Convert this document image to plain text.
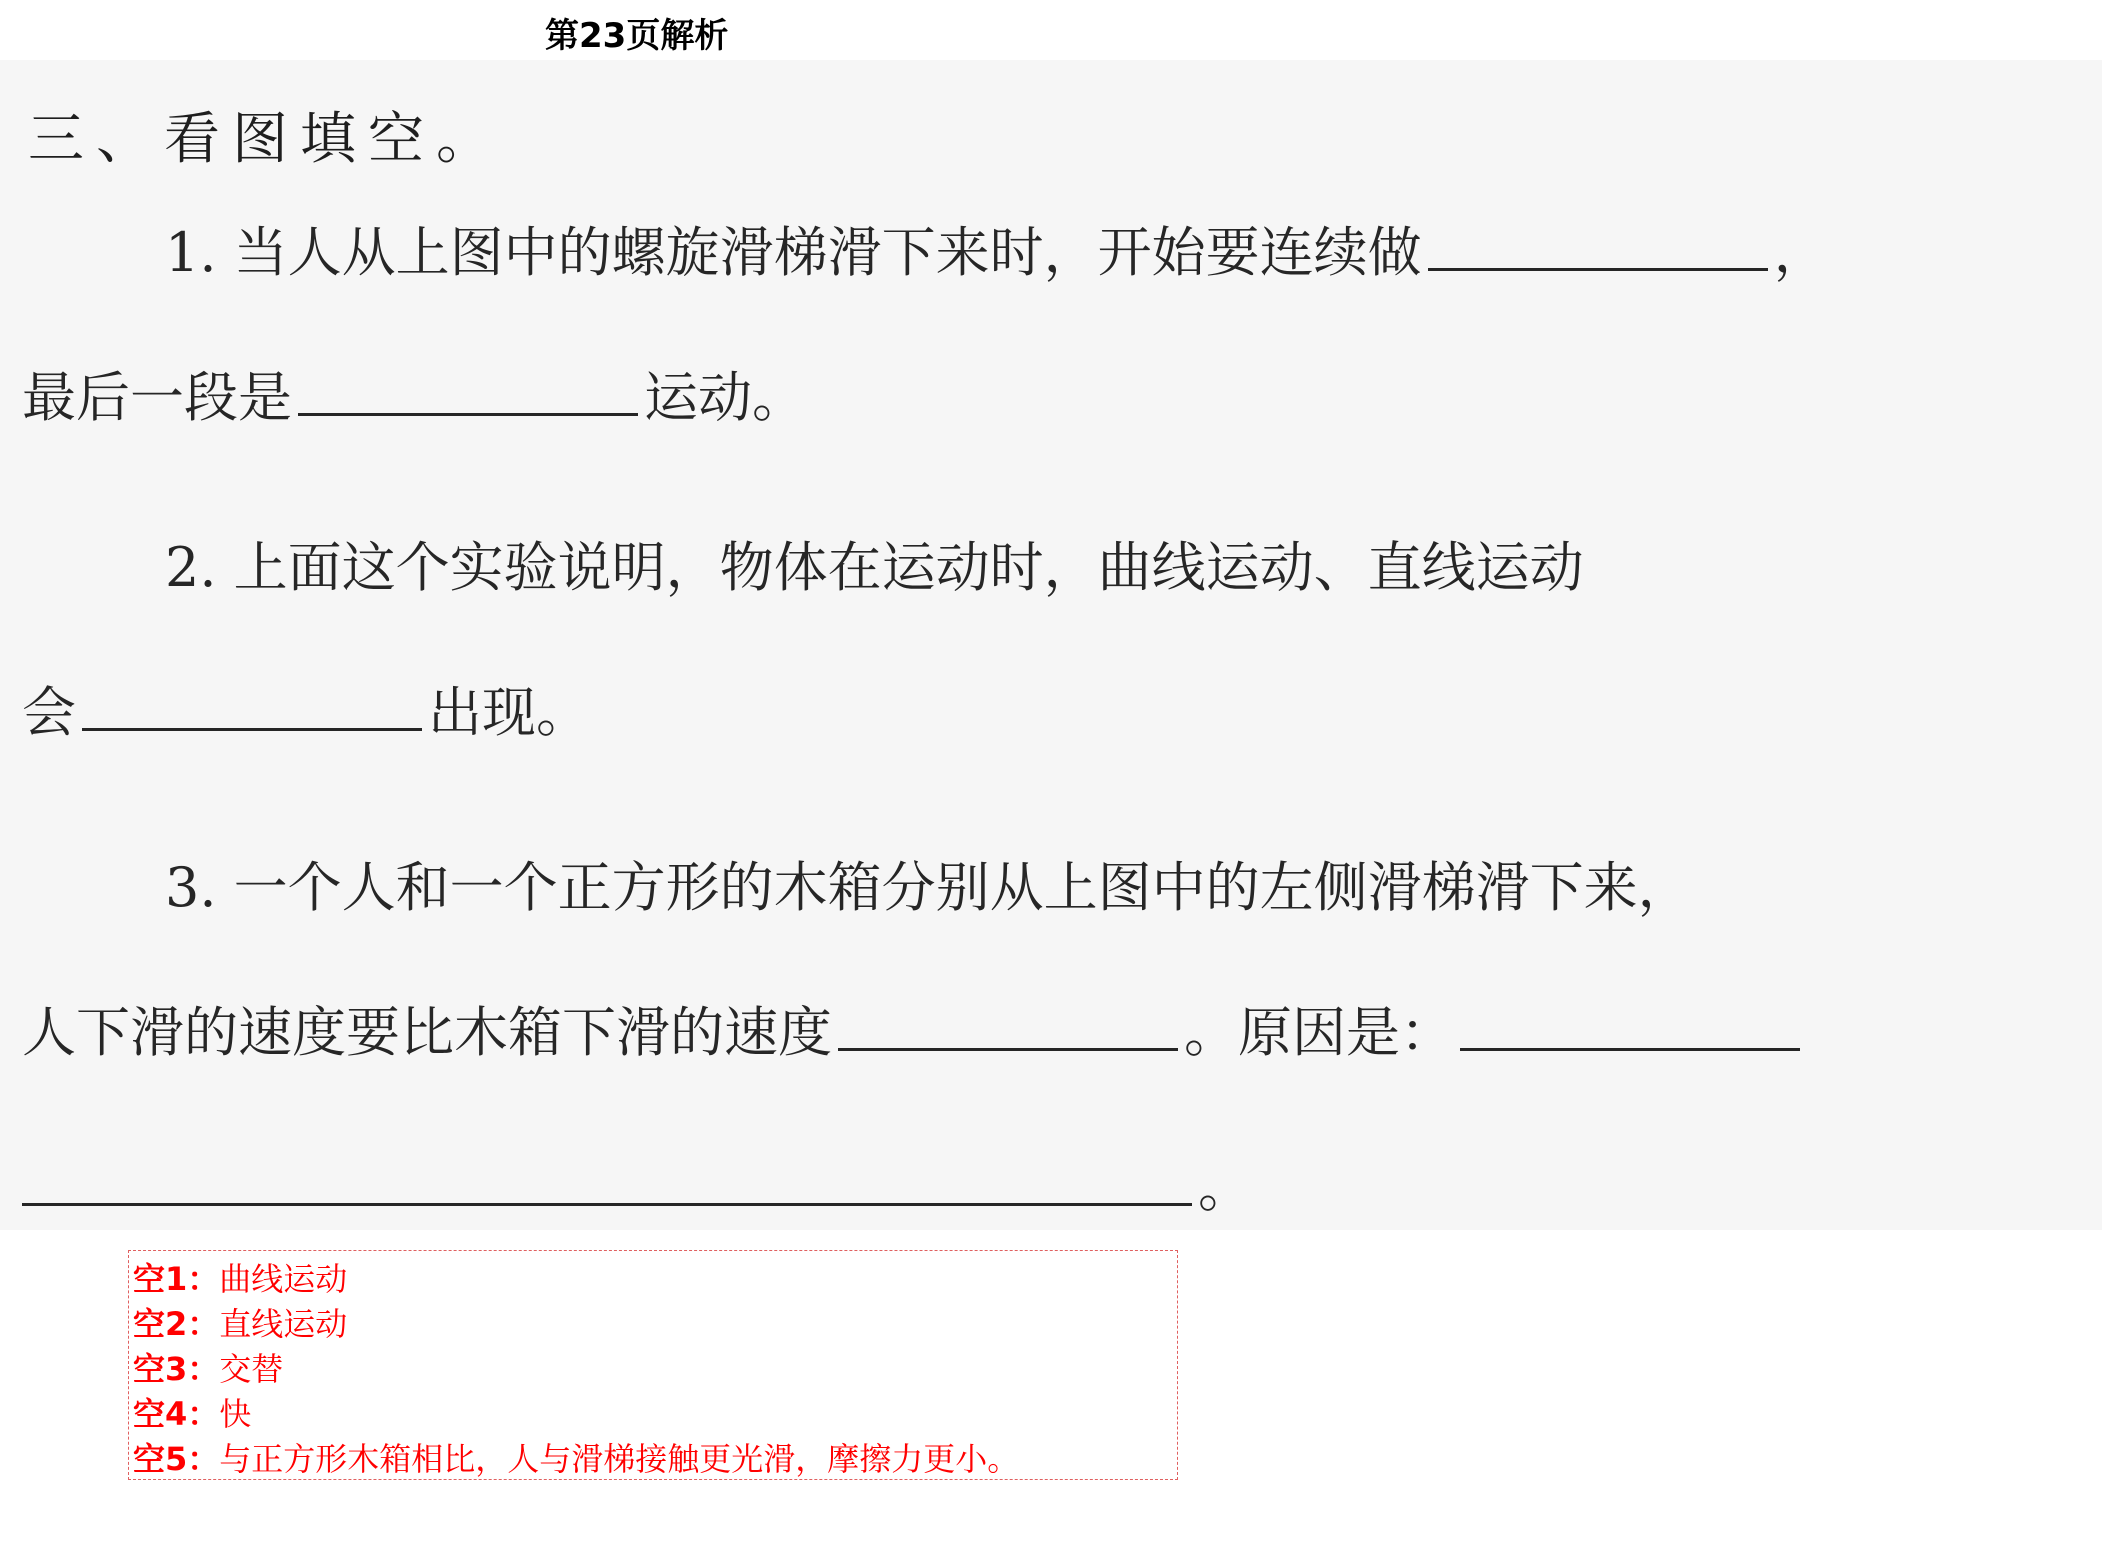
第23页解析
三、看图填空。
1. 当人从上图中的螺旋滑梯滑下来时，开始要连续做	，
最后一段是	运动。
2. 上面这个实验说明，物体在运动时，曲线运动、直线运动
会	出现。
3. 一个人和一个正方形的木箱分别从上图中的左侧滑梯滑下来，
人下滑的速度要比木箱下滑的速度	。原因是：
。
空1：曲线运动
空2：直线运动
空3：交替
空4：快
空5：与正方形木箱相比，人与滑梯接触更光滑，摩擦力更小。
